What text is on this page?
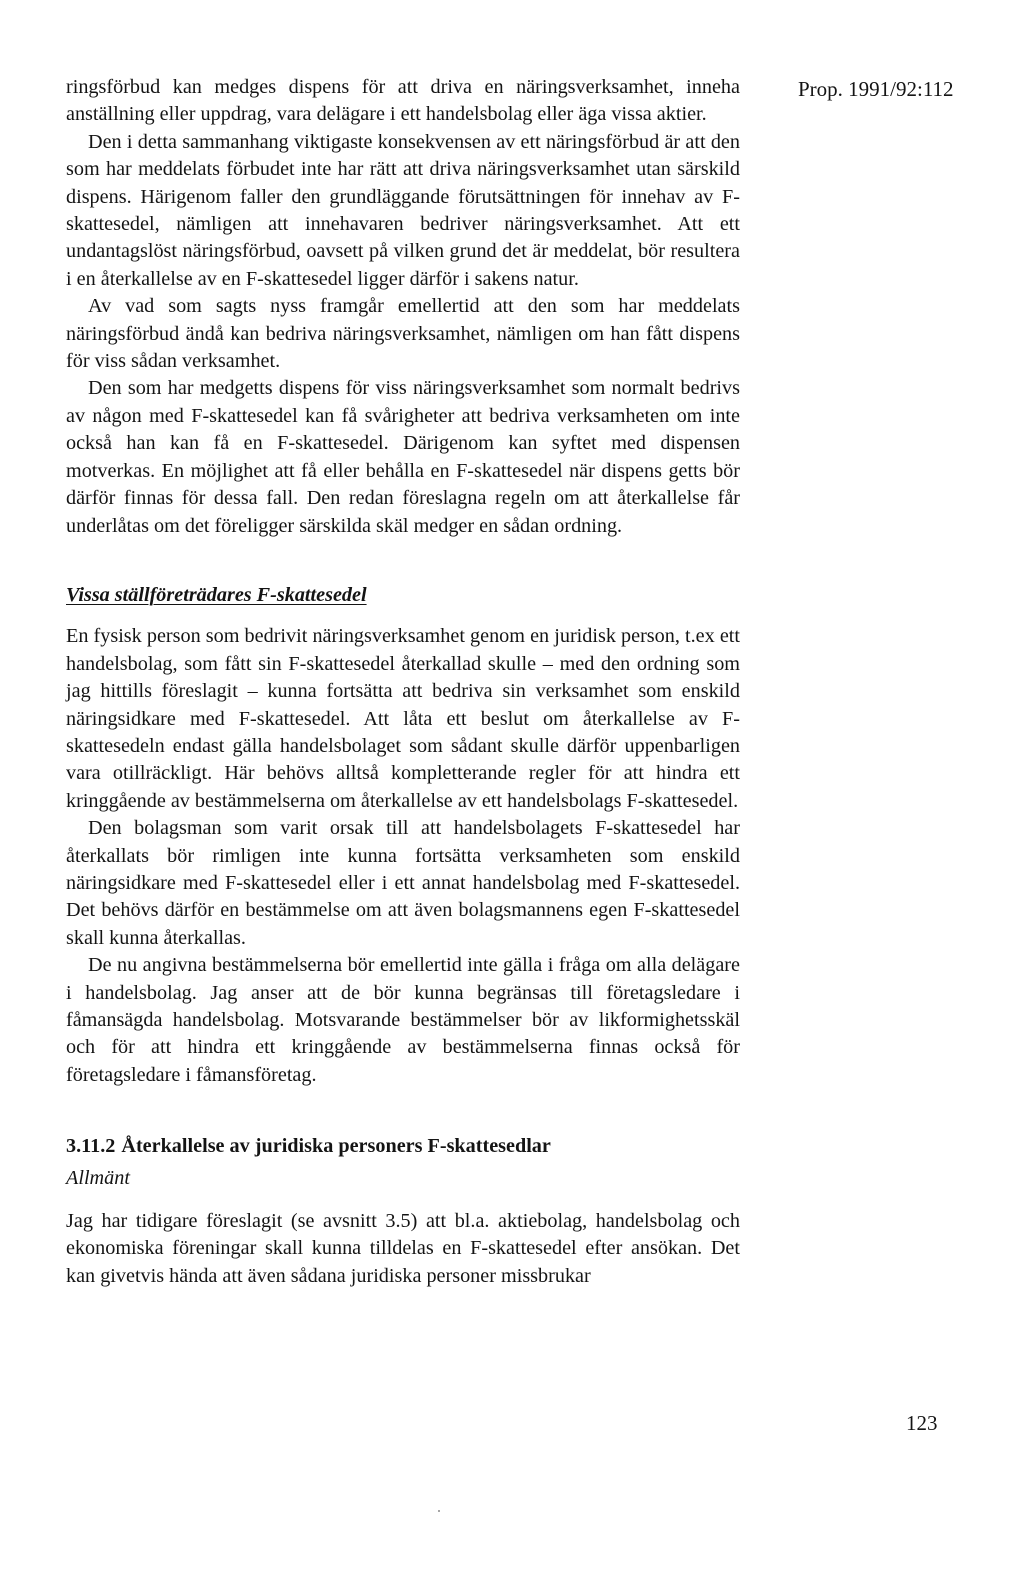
Prop. 1991/92:112

ringsförbud kan medges dispens för att driva en näringsverksamhet, inneha anställning eller uppdrag, vara delägare i ett handelsbolag eller äga vissa aktier.

Den i detta sammanhang viktigaste konsekvensen av ett näringsförbud är att den som har meddelats förbudet inte har rätt att driva näringsverksamhet utan särskild dispens. Härigenom faller den grundläggande förutsättningen för innehav av F-skattesedel, nämligen att innehavaren bedriver näringsverksamhet. Att ett undantagslöst näringsförbud, oavsett på vilken grund det är meddelat, bör resultera i en återkallelse av en F-skattesedel ligger därför i sakens natur.

Av vad som sagts nyss framgår emellertid att den som har meddelats näringsförbud ändå kan bedriva näringsverksamhet, nämligen om han fått dispens för viss sådan verksamhet.

Den som har medgetts dispens för viss näringsverksamhet som normalt bedrivs av någon med F-skattesedel kan få svårigheter att bedriva verksamheten om inte också han kan få en F-skattesedel. Därigenom kan syftet med dispensen motverkas. En möjlighet att få eller behålla en F-skattesedel när dispens getts bör därför finnas för dessa fall. Den redan föreslagna regeln om att återkallelse får underlåtas om det föreligger särskilda skäl medger en sådan ordning.

Vissa ställföreträdares F-skattesedel

En fysisk person som bedrivit näringsverksamhet genom en juridisk person, t.ex ett handelsbolag, som fått sin F-skattesedel återkallad skulle – med den ordning som jag hittills föreslagit – kunna fortsätta att bedriva sin verksamhet som enskild näringsidkare med F-skattesedel. Att låta ett beslut om återkallelse av F-skattesedeln endast gälla handelsbolaget som sådant skulle därför uppenbarligen vara otillräckligt. Här behövs alltså kompletterande regler för att hindra ett kringgående av bestämmelserna om återkallelse av ett handelsbolags F-skattesedel.

Den bolagsman som varit orsak till att handelsbolagets F-skattesedel har återkallats bör rimligen inte kunna fortsätta verksamheten som enskild näringsidkare med F-skattesedel eller i ett annat handelsbolag med F-skattesedel. Det behövs därför en bestämmelse om att även bolagsmannens egen F-skattesedel skall kunna återkallas.

De nu angivna bestämmelserna bör emellertid inte gälla i fråga om alla delägare i handelsbolag. Jag anser att de bör kunna begränsas till företagsledare i fåmansägda handelsbolag. Motsvarande bestämmelser bör av likformighetsskäl och för att hindra ett kringgående av bestämmelserna finnas också för företagsledare i fåmansföretag.

3.11.2 Återkallelse av juridiska personers F-skattesedlar
Allmänt

Jag har tidigare föreslagit (se avsnitt 3.5) att bl.a. aktiebolag, handelsbolag och ekonomiska föreningar skall kunna tilldelas en F-skattesedel efter ansökan. Det kan givetvis hända att även sådana juridiska personer missbrukar

123
